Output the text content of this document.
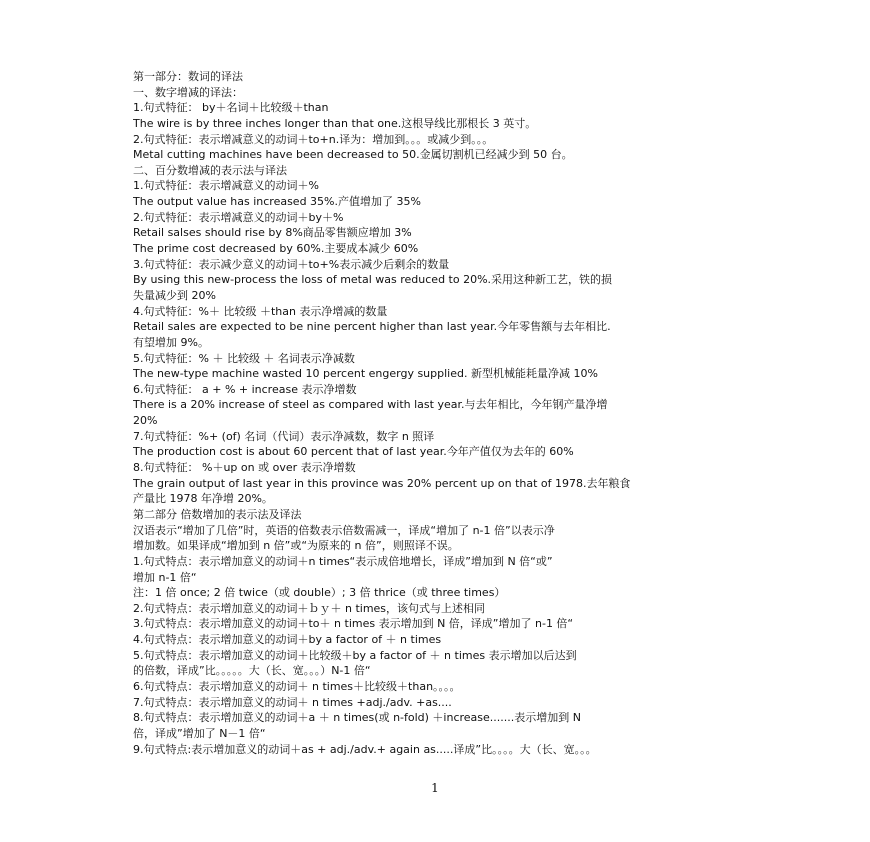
第一部分：数词的译法
一、数字增减的译法：
1.句式特征： by＋名词＋比较级＋than
The wire is by three inches longer than that one.这根导线比那根长 3 英寸。
2.句式特征：表示增减意义的动词＋to+n.译为：增加到。。。或减少到。。。
Metal cutting machines have been decreased to 50.金属切割机已经减少到 50 台。
二、百分数增减的表示法与译法
1.句式特征：表示增减意义的动词＋%
The output value has increased 35%.产值增加了 35%
2.句式特征：表示增减意义的动词＋by＋%
Retail salses should rise by 8%商品零售额应增加 3%
The prime cost decreased by 60%.主要成本减少 60%
3.句式特征：表示减少意义的动词＋to+%表示减少后剩余的数量
By using this new-process the loss of metal was reduced to 20%.采用这种新工艺，铁的损
失量减少到 20%
4.句式特征：%＋ 比较级 ＋than 表示净增减的数量
Retail sales are expected to be nine percent higher than last year.今年零售额与去年相比.
有望增加 9%。
5.句式特征：% ＋ 比较级 ＋ 名词表示净减数
The new-type machine wasted 10 percent engergy supplied. 新型机械能耗量净减 10%
6.句式特征： a + % + increase 表示净增数
There is a 20% increase of steel as compared with last year.与去年相比，今年钢产量净增
20%
7.句式特征：%+ (of) 名词（代词）表示净减数，数字 n 照译
The production cost is about 60 percent that of last year.今年产值仅为去年的 60%
8.句式特征： %＋up on 或 over 表示净增数
The grain output of last year in this province was 20% percent up on that of 1978.去年粮食
产量比 1978 年净增 20%。
第二部分 倍数增加的表示法及译法
汉语表示“增加了几倍”时，英语的倍数表示倍数需减一，译成“增加了 n-1 倍”以表示净
增加数。如果译成“增加到 n 倍”或“为原来的 n 倍”，则照译不误。
1.句式特点：表示增加意义的动词＋n times“表示成倍地增长，译成”增加到 N 倍“或”
增加 n-1 倍“
注：1 倍 once; 2 倍 twice（或 double）; 3 倍 thrice（或 three times）
2.句式特点：表示增加意义的动词＋ｂｙ＋ n times，该句式与上述相同
3.句式特点：表示增加意义的动词＋to＋ n times 表示增加到 N 倍，译成”增加了 n-1 倍“
4.句式特点：表示增加意义的动词＋by a factor of ＋ n times
5.句式特点：表示增加意义的动词＋比较级＋by a factor of ＋ n times 表示增加以后达到
的倍数，译成”比。。。。。大（长、宽。。。）N-1 倍“
6.句式特点：表示增加意义的动词＋ n times＋比较级＋than。。。。
7.句式特点：表示增加意义的动词＋ n times +adj./adv. +as....
8.句式特点：表示增加意义的动词＋a ＋ n times(或 n-fold) ＋increase.......表示增加到 N
倍，译成”增加了 N－1 倍“
9.句式特点:表示增加意义的动词＋as + adj./adv.+ again as.....译成”比。。。。大（长、宽。。。
1
